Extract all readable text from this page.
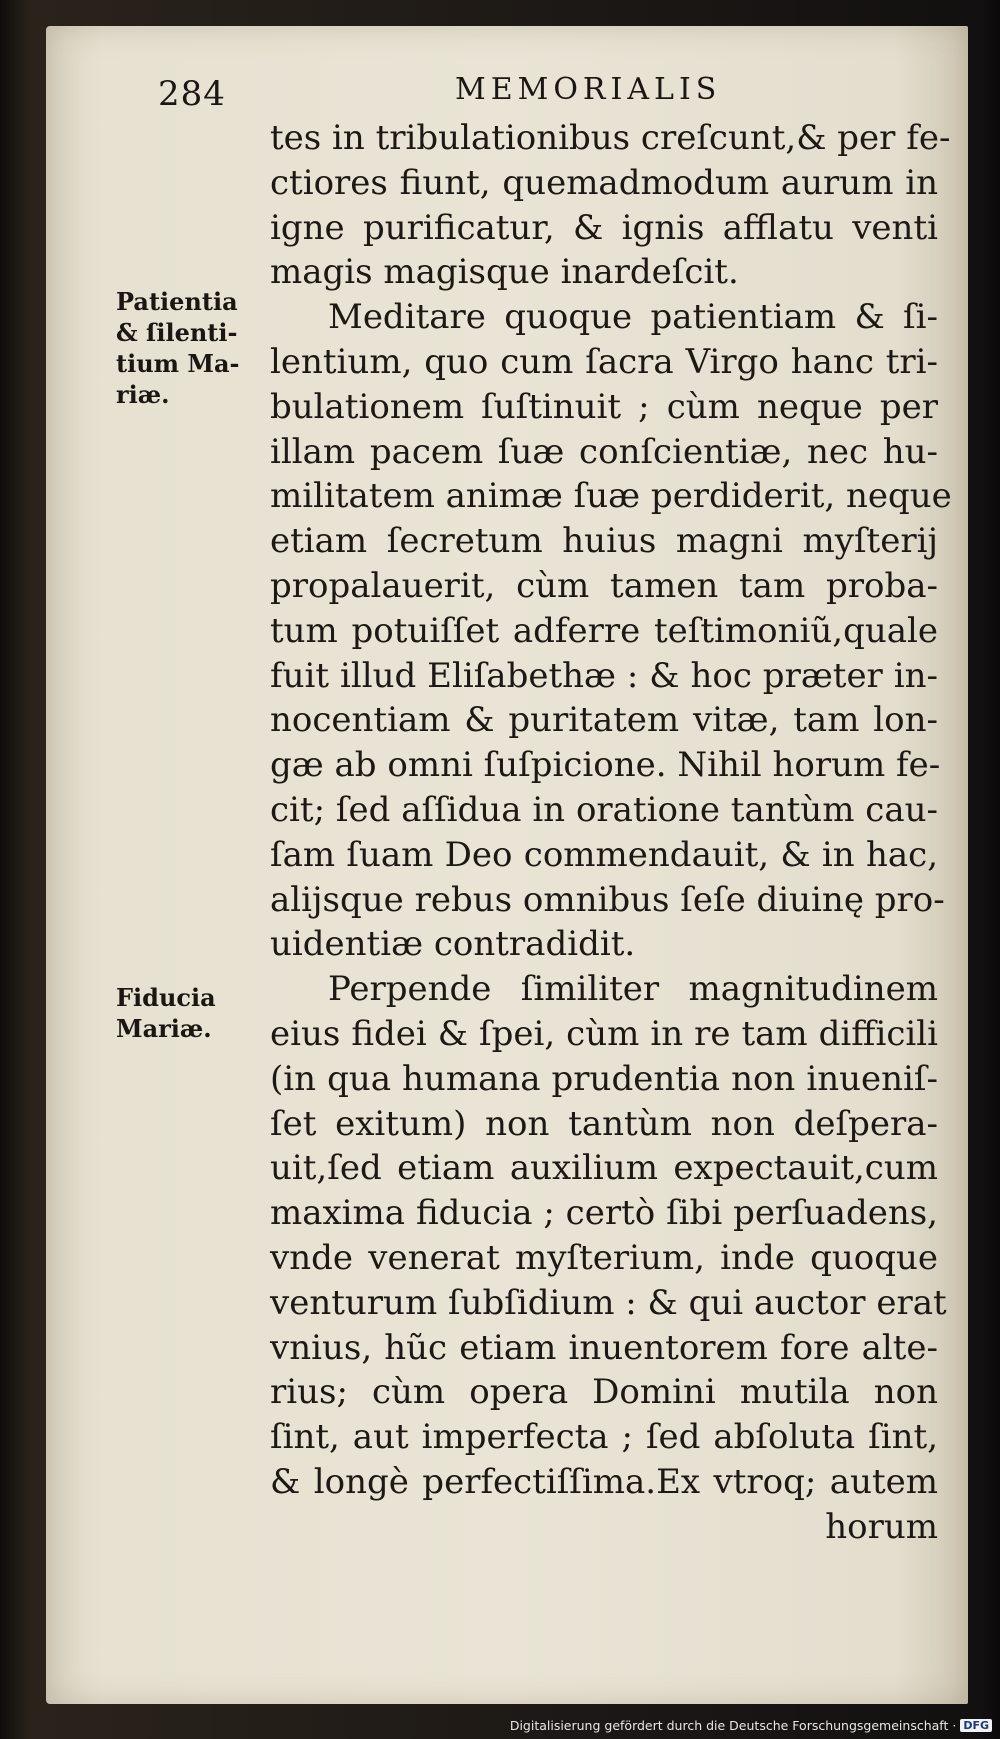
284	MEMORIALIS
Patientia
& ſilenti-
tium Ma-
riæ.
Fiducia
Mariæ.
tes in tribulationibus creſcunt,& per fe-
ctiores fiunt, quemadmodum aurum in
igne purificatur, & ignis afflatu venti
magis magisque inardeſcit.
Meditare quoque patientiam & ſi-
lentium, quo cum ſacra Virgo hanc tri-
bulationem ſuſtinuit ; cùm neque per
illam pacem ſuæ conſcientiæ, nec hu-
militatem animæ ſuæ perdiderit, neque
etiam ſecretum huius magni myſterij
propalauerit, cùm tamen tam proba-
tum potuiſſet adferre teſtimoniũ,quale
fuit illud Eliſabethæ : & hoc præter in-
nocentiam & puritatem vitæ, tam lon-
gæ ab omni ſuſpicione. Nihil horum fe-
cit; ſed aſſidua in oratione tantùm cau-
ſam ſuam Deo commendauit, & in hac,
alijsque rebus omnibus ſeſe diuinę pro-
uidentiæ contradidit.
Perpende ſimiliter magnitudinem
eius fidei & ſpei, cùm in re tam difficili
(in qua humana prudentia non inueniſ-
ſet exitum) non tantùm non deſpera-
uit,ſed etiam auxilium expectauit,cum
maxima fiducia ; certò ſibi perſuadens,
vnde venerat myſterium, inde quoque
venturum ſubſidium : & qui auctor erat
vnius, hũc etiam inuentorem fore alte-
rius; cùm opera Domini mutila non
ſint, aut imperfecta ; ſed abſoluta ſint,
& longè perfectiſſima.Ex vtroq; autem
horum
Digitalisierung gefördert durch die Deutsche Forschungsgemeinschaft · DFG
